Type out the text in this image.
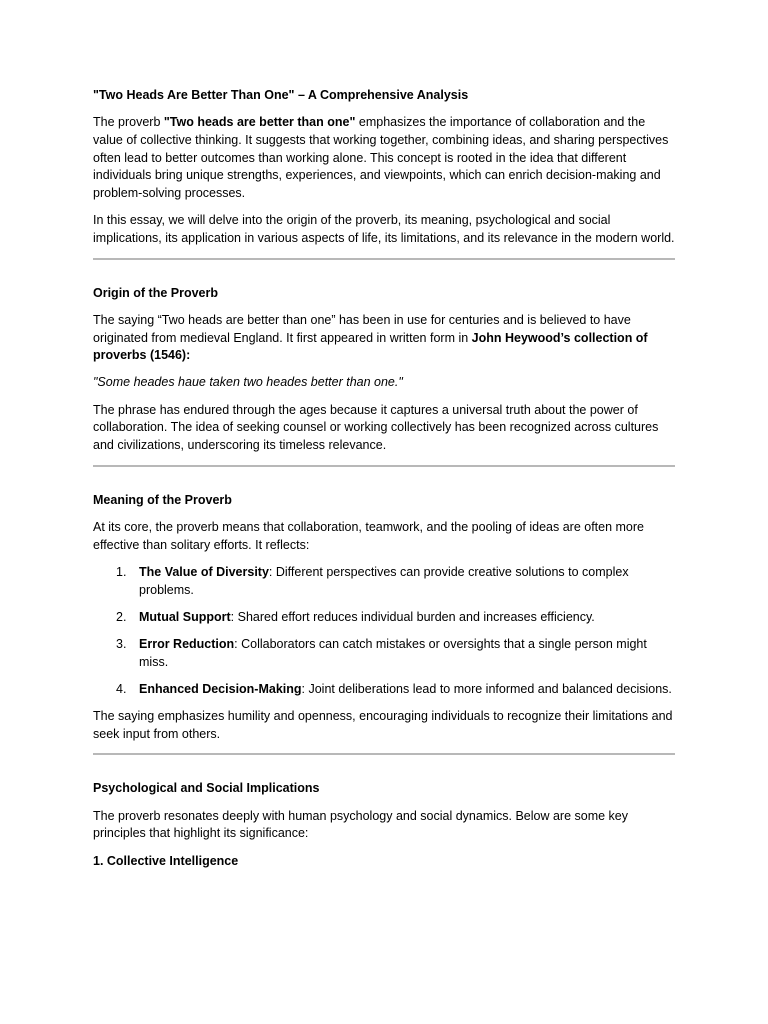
"Two Heads Are Better Than One" – A Comprehensive Analysis

The proverb "Two heads are better than one" emphasizes the importance of collaboration and the value of collective thinking. It suggests that working together, combining ideas, and sharing perspectives often lead to better outcomes than working alone. This concept is rooted in the idea that different individuals bring unique strengths, experiences, and viewpoints, which can enrich decision-making and problem-solving processes.

In this essay, we will delve into the origin of the proverb, its meaning, psychological and social implications, its application in various aspects of life, its limitations, and its relevance in the modern world.

Origin of the Proverb

The saying “Two heads are better than one” has been in use for centuries and is believed to have originated from medieval England. It first appeared in written form in John Heywood’s collection of proverbs (1546):

"Some headеs haue taken two headеs better than one."

The phrase has endured through the ages because it captures a universal truth about the power of collaboration. The idea of seeking counsel or working collectively has been recognized across cultures and civilizations, underscoring its timeless relevance.

Meaning of the Proverb

At its core, the proverb means that collaboration, teamwork, and the pooling of ideas are often more effective than solitary efforts. It reflects:

1. The Value of Diversity: Different perspectives can provide creative solutions to complex problems.
2. Mutual Support: Shared effort reduces individual burden and increases efficiency.
3. Error Reduction: Collaborators can catch mistakes or oversights that a single person might miss.
4. Enhanced Decision-Making: Joint deliberations lead to more informed and balanced decisions.

The saying emphasizes humility and openness, encouraging individuals to recognize their limitations and seek input from others.

Psychological and Social Implications

The proverb resonates deeply with human psychology and social dynamics. Below are some key principles that highlight its significance:

1. Collective Intelligence
